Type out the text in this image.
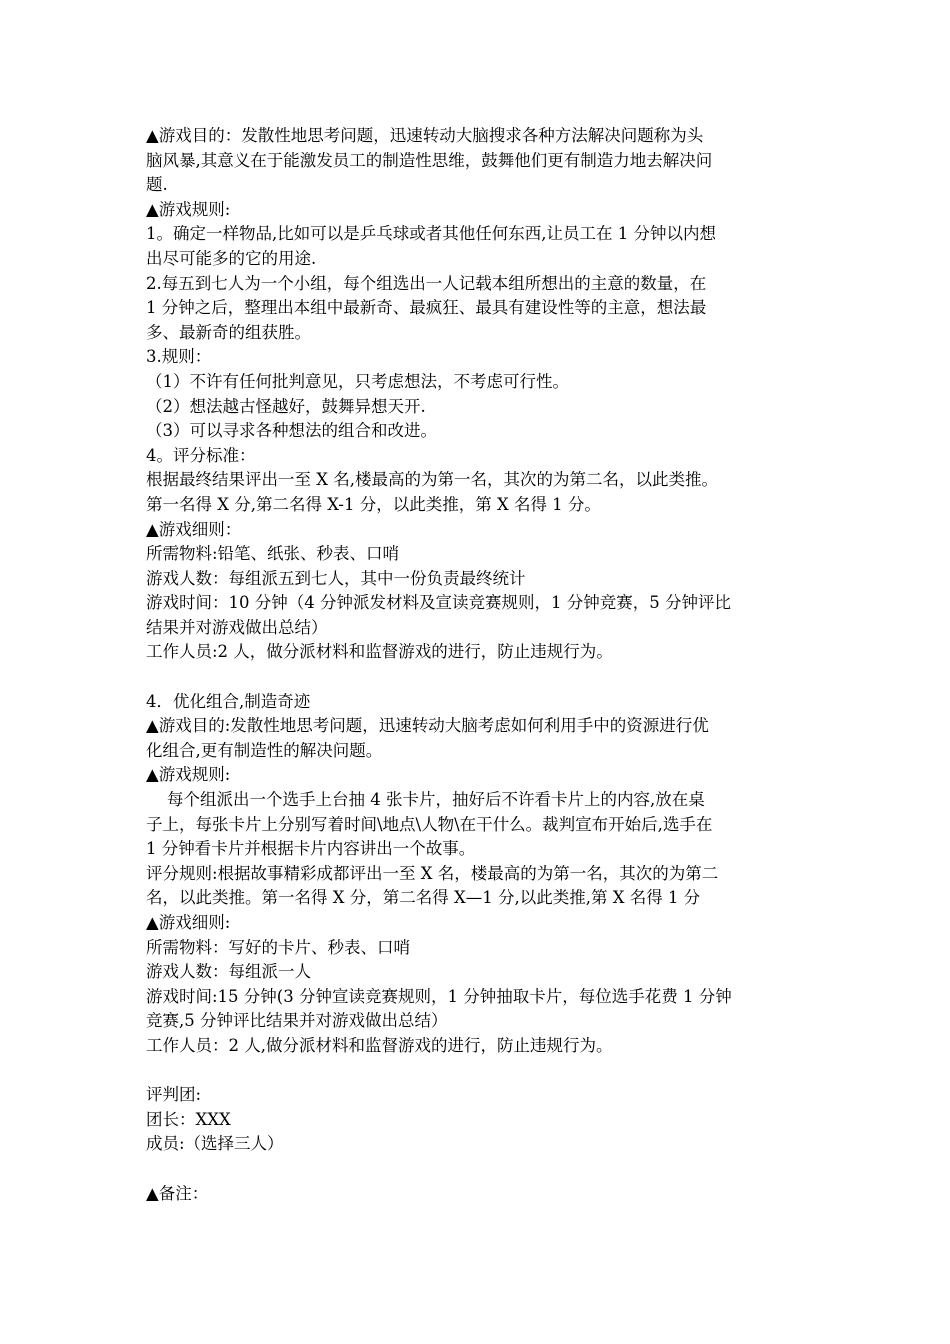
▲游戏目的：发散性地思考问题，迅速转动大脑搜求各种方法解决问题称为头
脑风暴,其意义在于能激发员工的制造性思维，鼓舞他们更有制造力地去解决问
题.
▲游戏规则:
1。确定一样物品,比如可以是乒乓球或者其他任何东西,让员工在 1 分钟以内想
出尽可能多的它的用途.
2.每五到七人为一个小组，每个组选出一人记载本组所想出的主意的数量，在
1 分钟之后，整理出本组中最新奇、最疯狂、最具有建设性等的主意，想法最
多、最新奇的组获胜。
3.规则：
（1）不许有任何批判意见，只考虑想法，不考虑可行性。
（2）想法越古怪越好，鼓舞异想天开.
（3）可以寻求各种想法的组合和改进。
4。评分标准：
根据最终结果评出一至 X 名,楼最高的为第一名，其次的为第二名，以此类推。
第一名得 X 分,第二名得 X-1 分，以此类推，第 X 名得 1 分。
▲游戏细则：
所需物料:铅笔、纸张、秒表、口哨
游戏人数：每组派五到七人，其中一份负责最终统计
游戏时间：10 分钟（4 分钟派发材料及宣读竞赛规则，1 分钟竞赛，5 分钟评比
结果并对游戏做出总结）
工作人员:2 人，做分派材料和监督游戏的进行，防止违规行为。
4．优化组合,制造奇迹
▲游戏目的:发散性地思考问题，迅速转动大脑考虑如何利用手中的资源进行优
化组合,更有制造性的解决问题。
▲游戏规则:
每个组派出一个选手上台抽 4 张卡片，抽好后不许看卡片上的内容,放在桌
子上，每张卡片上分别写着时间\地点\人物\在干什么。裁判宣布开始后,选手在
1 分钟看卡片并根据卡片内容讲出一个故事。
评分规则:根据故事精彩成都评出一至 X 名，楼最高的为第一名，其次的为第二
名，以此类推。第一名得 X 分，第二名得 X—1 分,以此类推,第 X 名得 1 分
▲游戏细则:
所需物料：写好的卡片、秒表、口哨
游戏人数：每组派一人
游戏时间:15 分钟(3 分钟宣读竞赛规则，1 分钟抽取卡片，每位选手花费 1 分钟
竞赛,5 分钟评比结果并对游戏做出总结）
工作人员：2 人,做分派材料和监督游戏的进行，防止违规行为。
评判团:
团长：XXX
成员:（选择三人）
▲备注：
